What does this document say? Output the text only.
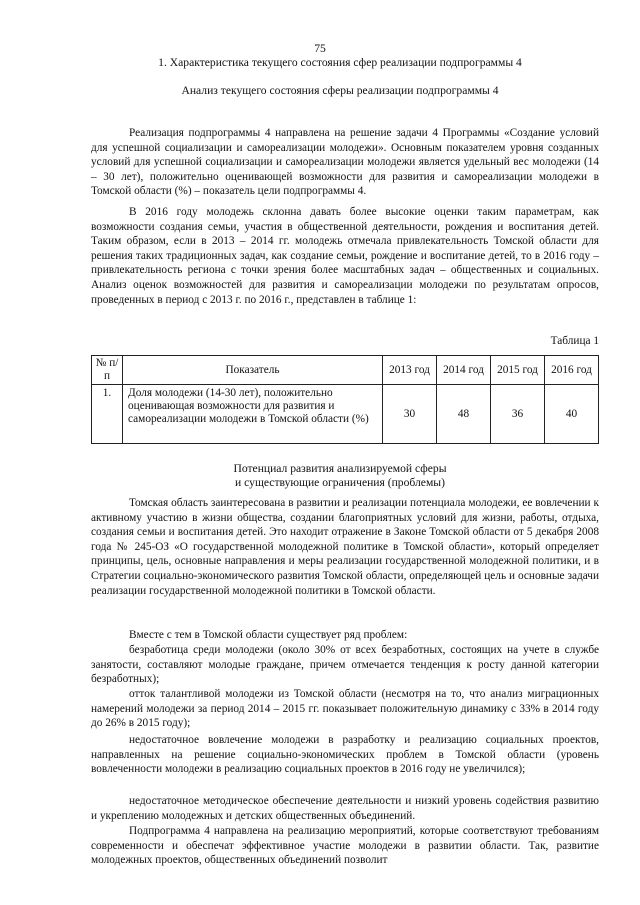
75
1. Характеристика текущего состояния сфер реализации подпрограммы 4
Анализ текущего состояния сферы реализации подпрограммы 4

Реализация подпрограммы 4 направлена на решение задачи 4 Программы «Создание условий для успешной социализации и самореализации молодежи». Основным показателем уровня созданных условий для успешной социализации и самореализации молодежи является удельный вес молодежи (14 – 30 лет), положительно оценивающей возможности для развития и самореализации молодежи в Томской области (%) – показатель цели подпрограммы 4.

В 2016 году молодежь склонна давать более высокие оценки таким параметрам, как возможности создания семьи, участия в общественной деятельности, рождения и воспитания детей. Таким образом, если в 2013 – 2014 гг. молодежь отмечала привлекательность Томской области для решения таких традиционных задач, как создание семьи, рождение и воспитание детей, то в 2016 году – привлекательность региона с точки зрения более масштабных задач – общественных и социальных. Анализ оценок возможностей для развития и самореализации молодежи по результатам опросов, проведенных в период с 2013 г. по 2016 г., представлен в таблице 1:

Таблица 1
№ п/п	Показатель	2013 год	2014 год	2015 год	2016 год
1.	Доля молодежи (14-30 лет), положительно оценивающая возможности для развития и самореализации молодежи в Томской области (%)	30	48	36	40
Потенциал развития анализируемой сферы
и существующие ограничения (проблемы)

Томская область заинтересована в развитии и реализации потенциала молодежи, ее вовлечении к активному участию в жизни общества, создании благоприятных условий для жизни, работы, отдыха, создания семьи и воспитания детей. Это находит отражение в Законе Томской области от 5 декабря 2008 года № 245-ОЗ «О государственной молодежной политике в Томской области», который определяет принципы, цель, основные направления и меры реализации государственной молодежной политики, и в Стратегии социально-экономического развития Томской области, определяющей цель и основные задачи реализации государственной молодежной политики в Томской области.

Вместе с тем в Томской области существует ряд проблем:

безработица среди молодежи (около 30% от всех безработных, состоящих на учете в службе занятости, составляют молодые граждане, причем отмечается тенденция к росту данной категории безработных);

отток талантливой молодежи из Томской области (несмотря на то, что анализ миграционных намерений молодежи за период 2014 – 2015 гг. показывает положительную динамику с 33% в 2014 году до 26% в 2015 году);

недостаточное вовлечение молодежи в разработку и реализацию социальных проектов, направленных на решение социально-экономических проблем в Томской области (уровень вовлеченности молодежи в реализацию социальных проектов в 2016 году не увеличился);

недостаточное методическое обеспечение деятельности и низкий уровень содействия развитию и укреплению молодежных и детских общественных объединений.

Подпрограмма 4 направлена на реализацию мероприятий, которые соответствуют требованиям современности и обеспечат эффективное участие молодежи в развитии области. Так, развитие молодежных проектов, общественных объединений позволит
